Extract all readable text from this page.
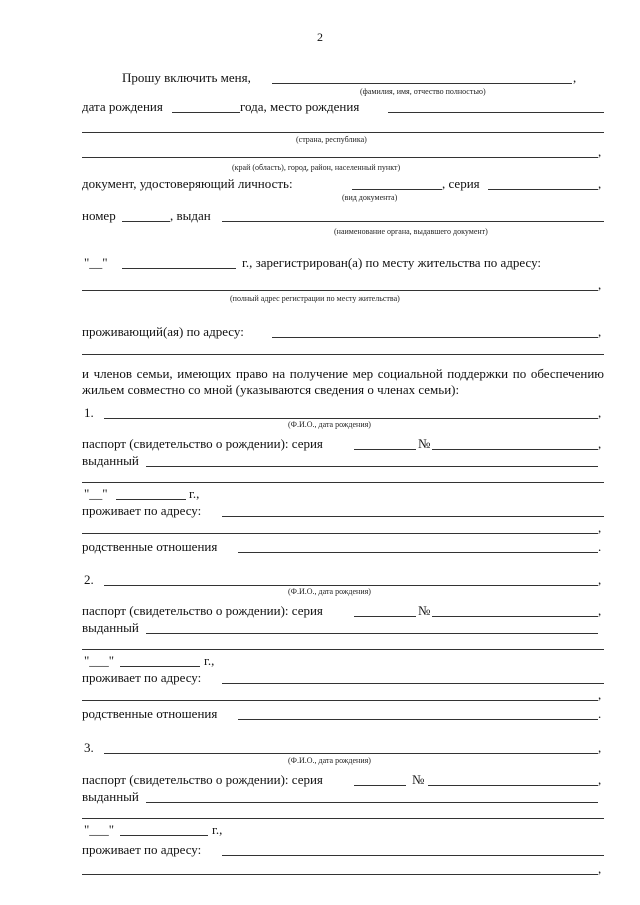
2
Прошу включить меня,	,
(фамилия, имя, отчество полностью)
дата рождения	года, место рождения
(страна, республика)
,
(край (область), город, район, населенный пункт)
документ, удостоверяющий личность:	, серия	,
(вид документа)
номер	, выдан
(наименование органа, выдавшего документ)
"__"	г., зарегистрирован(а) по месту жительства по адресу:
,
(полный адрес регистрации по месту жительства)
проживающий(ая) по адресу:	,
и членов семьи, имеющих право на получение мер социальной поддержки по обеспечению жильем совместно со мной (указываются сведения о членах семьи):
1.	,
(Ф.И.О., дата рождения)
паспорт (свидетельство о рождении): серия	№	,
выданный
"__"	г.,
проживает по адресу:
,
родственные отношения	.
2.	,
(Ф.И.О., дата рождения)
паспорт (свидетельство о рождении): серия	№	,
выданный
"___"	г.,
проживает по адресу:
,
родственные отношения	.
3.	,
(Ф.И.О., дата рождения)
паспорт (свидетельство о рождении): серия	№	,
выданный
"___"	г.,
проживает по адресу:
,
